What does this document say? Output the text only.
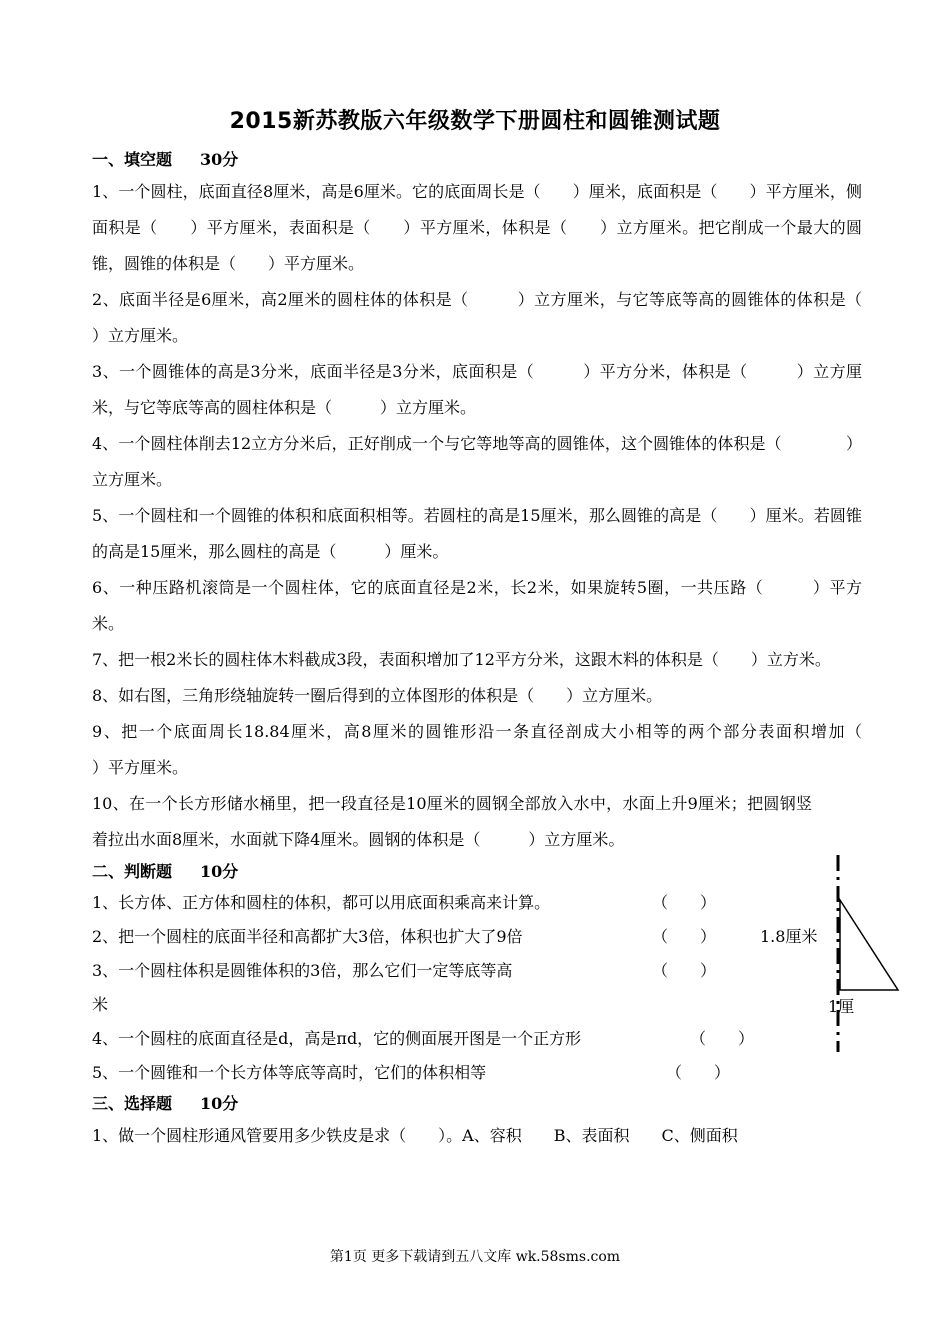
2015新苏教版六年级数学下册圆柱和圆锥测试题
一、填空题 30分
1、一个圆柱，底面直径8厘米，高是6厘米。它的底面周长是（　　）厘米，底面积是（　　）平方厘米，侧面积是（　　）平方厘米，表面积是（　　）平方厘米，体积是（　　）立方厘米。把它削成一个最大的圆锥，圆锥的体积是（　　）平方厘米。
2、底面半径是6厘米，高2厘米的圆柱体的体积是（　　　）立方厘米，与它等底等高的圆锥体的体积是（　　　）立方厘米。
3、一个圆锥体的高是3分米，底面半径是3分米，底面积是（　　　）平方分米，体积是（　　　）立方厘米，与它等底等高的圆柱体积是（　　　）立方厘米。
4、一个圆柱体削去12立方分米后，正好削成一个与它等地等高的圆锥体，这个圆锥体的体积是（　　　　）立方厘米。
5、一个圆柱和一个圆锥的体积和底面积相等。若圆柱的高是15厘米，那么圆锥的高是（　　）厘米。若圆锥的高是15厘米，那么圆柱的高是（　　　）厘米。
6、一种压路机滚筒是一个圆柱体，它的底面直径是2米，长2米，如果旋转5圈，一共压路（　　　）平方米。
7、把一根2米长的圆柱体木料截成3段，表面积增加了12平方分米，这跟木料的体积是（　　）立方米。
8、如右图，三角形绕轴旋转一圈后得到的立体图形的体积是（　　）立方厘米。
9、把一个底面周长18.84厘米，高8厘米的圆锥形沿一条直径剖成大小相等的两个部分表面积增加（　　　　）平方厘米。
10、在一个长方形储水桶里，把一段直径是10厘米的圆钢全部放入水中，水面上升9厘米；把圆钢竖着拉出水面8厘米，水面就下降4厘米。圆钢的体积是（　　　）立方厘米。
二、判断题 10分
1、长方体、正方体和圆柱的体积，都可以用底面积乘高来计算。	（　　）
2、把一个圆柱的底面半径和高都扩大3倍，体积也扩大了9倍	（　　）
3、一个圆柱体积是圆锥体积的3倍，那么它们一定等底等高	（　　）
米
4、一个圆柱的底面直径是d，高是πd，它的侧面展开图是一个正方形	（　　）
5、一个圆锥和一个长方体等底等高时，它们的体积相等	（　　）
三、选择题 10分
1、做一个圆柱形通风管要用多少铁皮是求（　　）。A、容积　　B、表面积　　C、侧面积
1.8厘米
1厘
第1页 更多下载请到五八文库 wk.58sms.com
